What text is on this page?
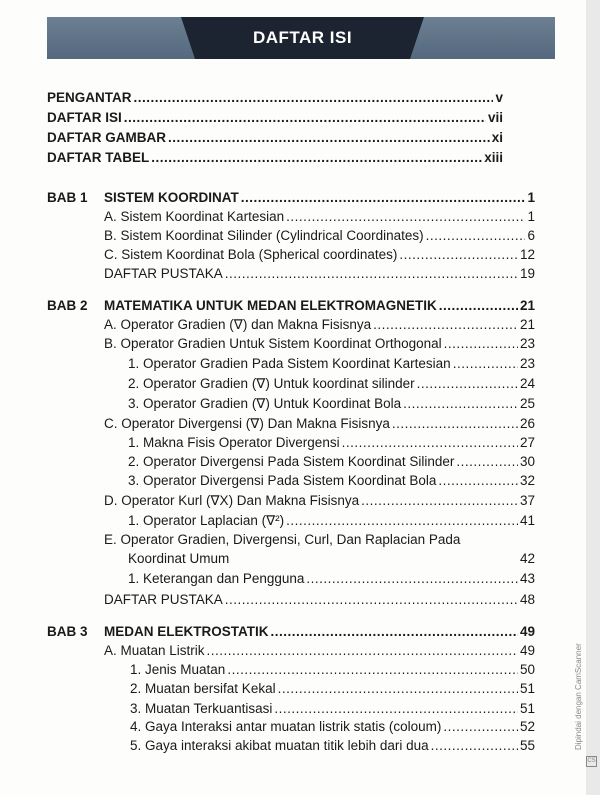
DAFTAR ISI
PENGANTAR .....	v
DAFTAR ISI .....	vii
DAFTAR GAMBAR .....	xi
DAFTAR TABEL .....	xiii
BAB 1 SISTEM KOORDINAT .....	1
A. Sistem Koordinat Kartesian .....	1
B. Sistem Koordinat Silinder (Cylindrical Coordinates) .....	6
C. Sistem Koordinat Bola (Spherical coordinates) .....	12
DAFTAR PUSTAKA .....	19
BAB 2 MATEMATIKA UNTUK MEDAN ELEKTROMAGNETIK .....	21
A. Operator Gradien (∇) dan Makna Fisisnya .....	21
B. Operator Gradien Untuk Sistem Koordinat Orthogonal .....	23
1. Operator Gradien Pada Sistem Koordinat Kartesian .....	23
2. Operator Gradien (∇) Untuk koordinat silinder .....	24
3. Operator Gradien (∇) Untuk Koordinat Bola .....	25
C. Operator Divergensi (∇) Dan Makna Fisisnya .....	26
1. Makna Fisis Operator Divergensi .....	27
2. Operator Divergensi Pada Sistem Koordinat Silinder .....	30
3. Operator Divergensi Pada Sistem Koordinat Bola .....	32
D. Operator Kurl (∇X) Dan Makna Fisisnya .....	37
1. Operator Laplacian (∇²) .....	41
E. Operator Gradien, Divergensi, Curl, Dan Raplacian Pada
Koordinat Umum	42
1. Keterangan dan Pengguna .....	43
DAFTAR PUSTAKA .....	48
BAB 3 MEDAN ELEKTROSTATIK .....	49
A. Muatan Listrik .....	49
1. Jenis Muatan .....	50
2. Muatan bersifat Kekal .....	51
3. Muatan Terkuantisasi .....	51
4. Gaya Interaksi antar muatan listrik statis (coloum) .....	52
5. Gaya interaksi akibat muatan titik lebih dari dua .....	55	Dipindai dengan CamScanner
CS
